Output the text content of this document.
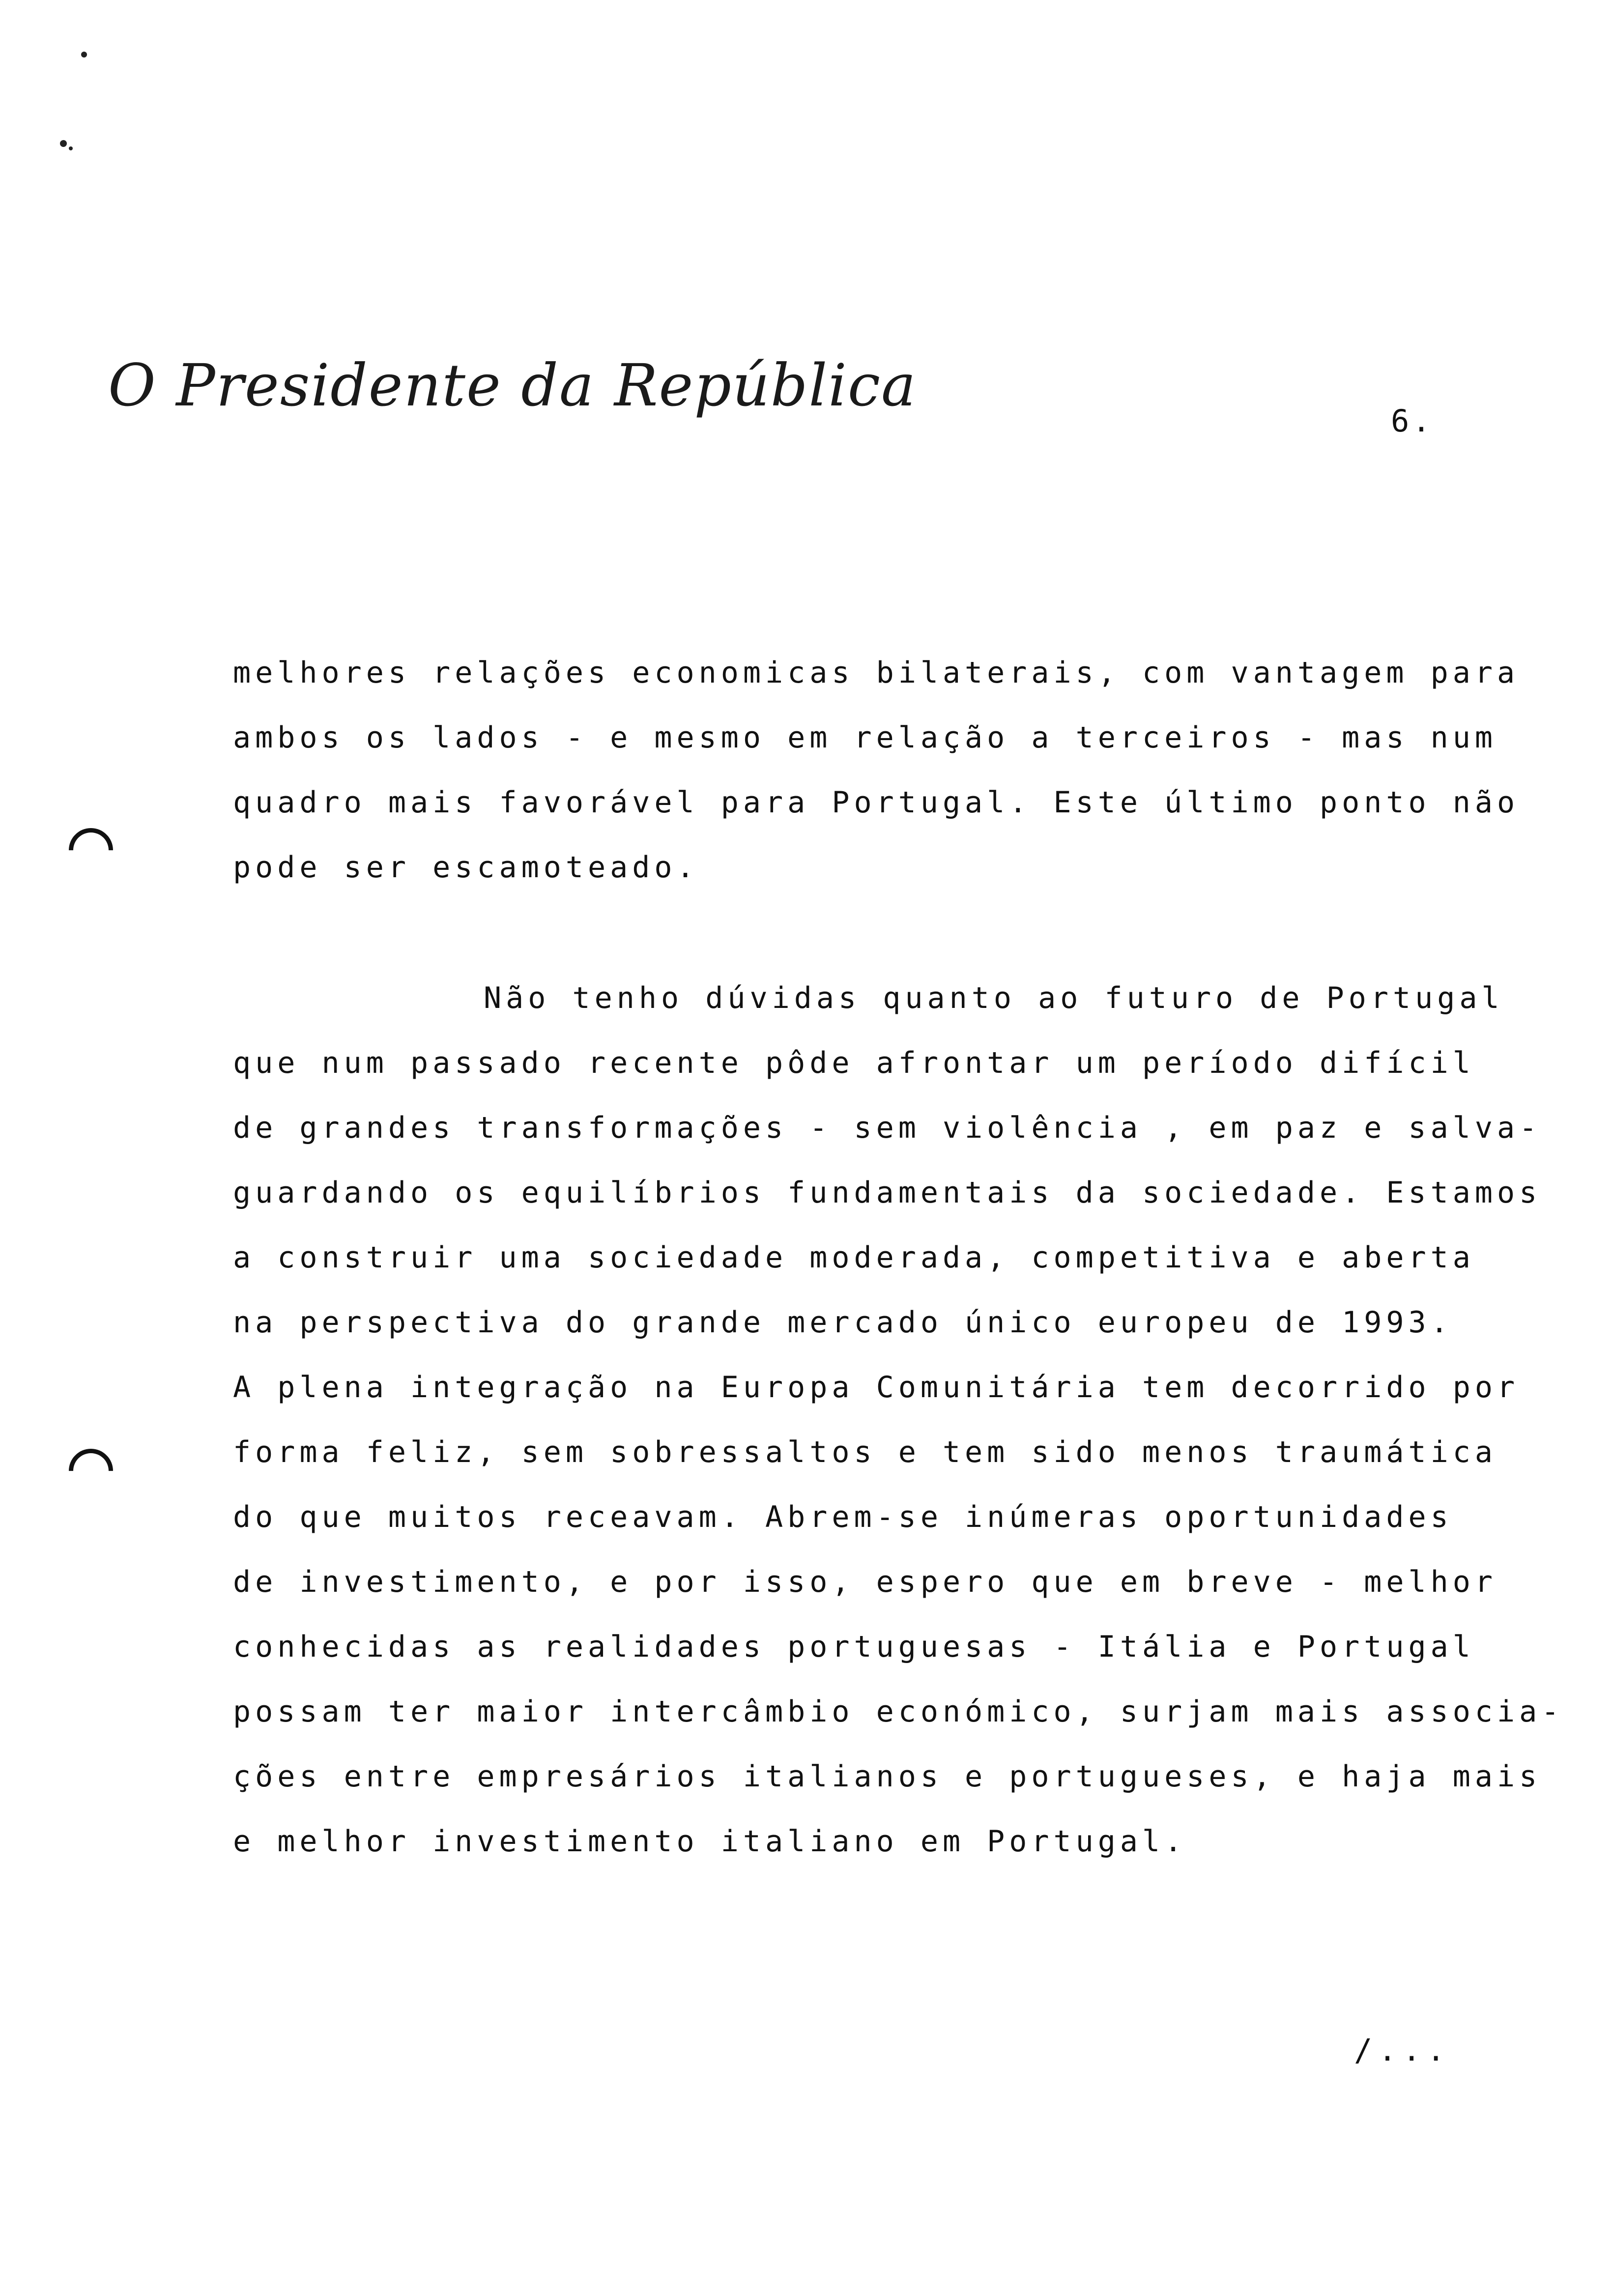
O Presidente da República
6.
melhores relações economicas bilaterais, com vantagem para
ambos os lados - e mesmo em relação a terceiros - mas num
quadro mais favorável para Portugal. Este último ponto não
pode ser escamoteado.
Não tenho dúvidas quanto ao futuro de Portugal
que num passado recente pôde afrontar um período difícil
de grandes transformações - sem violência , em paz e salva-
guardando os equilíbrios fundamentais da sociedade. Estamos
a construir uma sociedade moderada, competitiva e aberta
na perspectiva do grande mercado único europeu de 1993.
A plena integração na Europa Comunitária tem decorrido por
forma feliz, sem sobressaltos e tem sido menos traumática
do que muitos receavam. Abrem-se inúmeras oportunidades
de investimento, e por isso, espero que em breve - melhor
conhecidas as realidades portuguesas - Itália e Portugal
possam ter maior intercâmbio económico, surjam mais associa-
ções entre empresários italianos e portugueses, e haja mais
e melhor investimento italiano em Portugal.
/...
